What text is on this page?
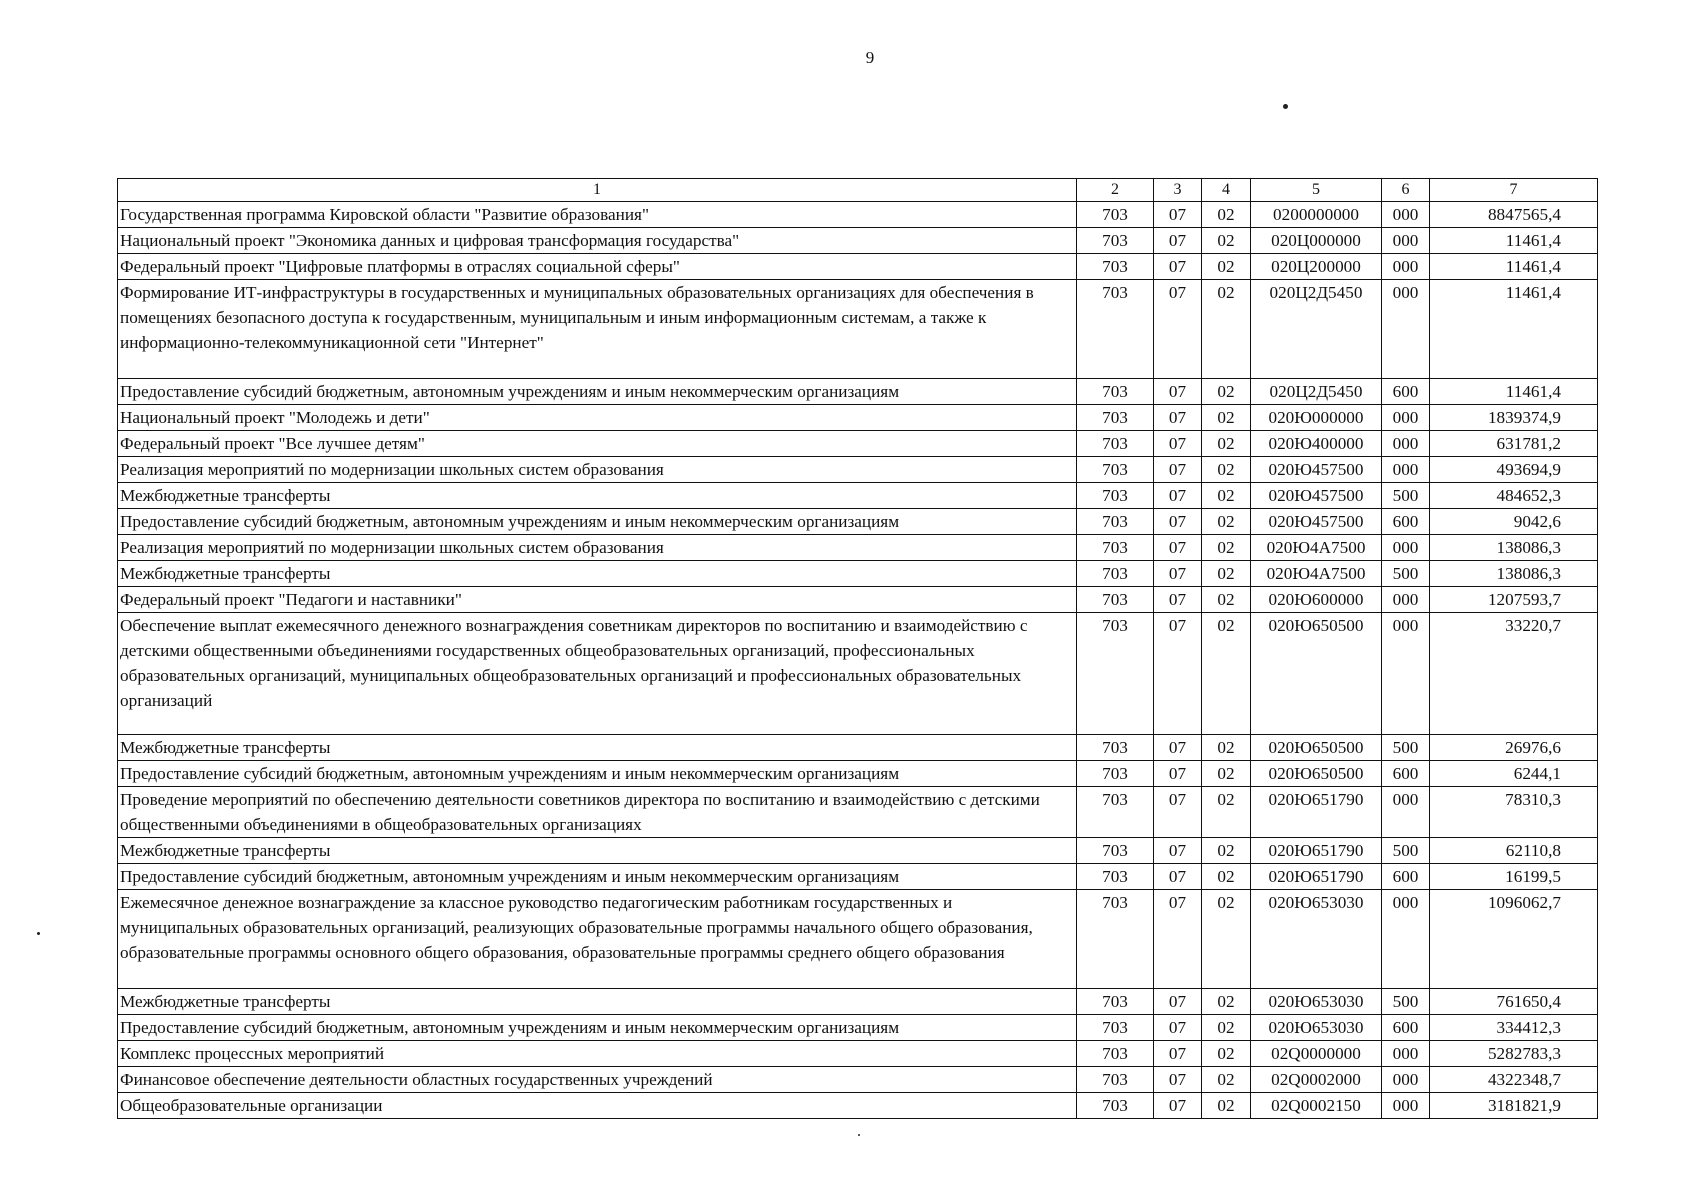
9
1	2	3	4	5	6	7
Государственная программа Кировской области "Развитие образования"	703	07	02	0200000000	000	8847565,4
Национальный проект "Экономика данных и цифровая трансформация государства"	703	07	02	020Ц000000	000	11461,4
Федеральный проект "Цифровые платформы в отраслях социальной сферы"	703	07	02	020Ц200000	000	11461,4
Формирование ИТ-инфраструктуры в государственных и муниципальных образовательных организациях для обеспечения в помещениях безопасного доступа к государственным, муниципальным и иным информационным системам, а также к информационно-телекоммуникационной сети "Интернет"	703	07	02	020Ц2Д5450	000	11461,4
Предоставление субсидий бюджетным, автономным учреждениям и иным некоммерческим организациям	703	07	02	020Ц2Д5450	600	11461,4
Национальный проект "Молодежь и дети"	703	07	02	020Ю000000	000	1839374,9
Федеральный проект "Все лучшее детям"	703	07	02	020Ю400000	000	631781,2
Реализация мероприятий по модернизации школьных систем образования	703	07	02	020Ю457500	000	493694,9
Межбюджетные трансферты	703	07	02	020Ю457500	500	484652,3
Предоставление субсидий бюджетным, автономным учреждениям и иным некоммерческим организациям	703	07	02	020Ю457500	600	9042,6
Реализация мероприятий по модернизации школьных систем образования	703	07	02	020Ю4А7500	000	138086,3
Межбюджетные трансферты	703	07	02	020Ю4А7500	500	138086,3
Федеральный проект "Педагоги и наставники"	703	07	02	020Ю600000	000	1207593,7
Обеспечение выплат ежемесячного денежного вознаграждения советникам директоров по воспитанию и взаимодействию с детскими общественными объединениями государственных общеобразовательных организаций, профессиональных образовательных организаций, муниципальных общеобразовательных организаций и профессиональных образовательных организаций	703	07	02	020Ю650500	000	33220,7
Межбюджетные трансферты	703	07	02	020Ю650500	500	26976,6
Предоставление субсидий бюджетным, автономным учреждениям и иным некоммерческим организациям	703	07	02	020Ю650500	600	6244,1
Проведение мероприятий по обеспечению деятельности советников директора по воспитанию и взаимодействию с детскими общественными объединениями в общеобразовательных организациях	703	07	02	020Ю651790	000	78310,3
Межбюджетные трансферты	703	07	02	020Ю651790	500	62110,8
Предоставление субсидий бюджетным, автономным учреждениям и иным некоммерческим организациям	703	07	02	020Ю651790	600	16199,5
Ежемесячное денежное вознаграждение за классное руководство педагогическим работникам государственных и муниципальных образовательных организаций, реализующих образовательные программы начального общего образования, образовательные программы основного общего образования, образовательные программы среднего общего образования	703	07	02	020Ю653030	000	1096062,7
Межбюджетные трансферты	703	07	02	020Ю653030	500	761650,4
Предоставление субсидий бюджетным, автономным учреждениям и иным некоммерческим организациям	703	07	02	020Ю653030	600	334412,3
Комплекс процессных мероприятий	703	07	02	02Q0000000	000	5282783,3
Финансовое обеспечение деятельности областных государственных учреждений	703	07	02	02Q0002000	000	4322348,7
Общеобразовательные организации	703	07	02	02Q0002150	000	3181821,9
